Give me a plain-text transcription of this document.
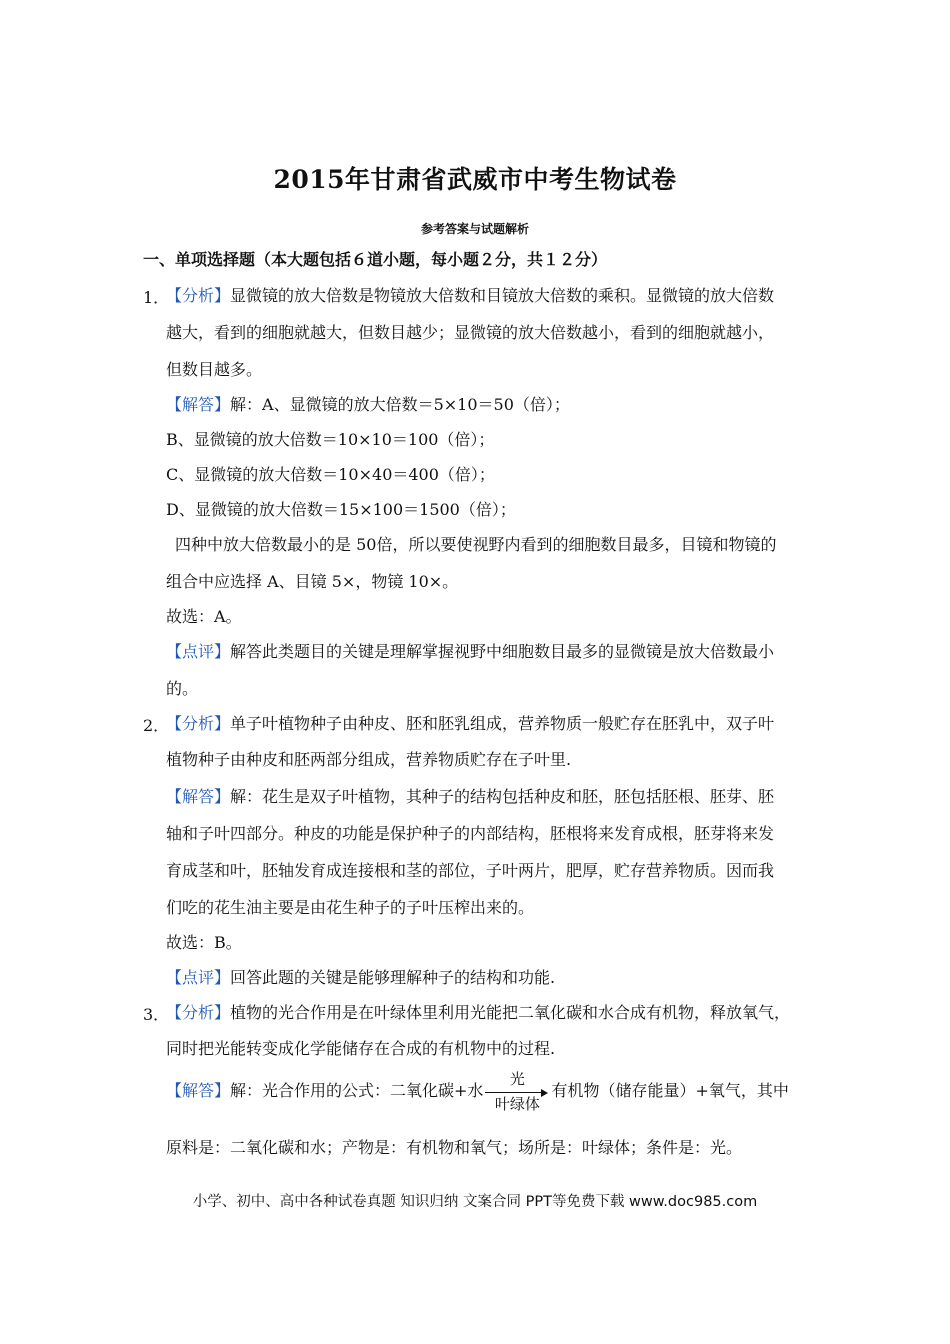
2015年甘肃省武威市中考生物试卷
参考答案与试题解析
一、单项选择题（本大题包括６道小题，每小题２分，共１２分）
1．
【分析】显微镜的放大倍数是物镜放大倍数和目镜放大倍数的乘积。显微镜的放大倍数
越大，看到的细胞就越大，但数目越少；显微镜的放大倍数越小，看到的细胞就越小，
但数目越多。
【解答】解：A、显微镜的放大倍数＝5×10＝50（倍）；
B、显微镜的放大倍数＝10×10＝100（倍）；
C、显微镜的放大倍数＝10×40＝400（倍）；
D、显微镜的放大倍数＝15×100＝1500（倍）；
四种中放大倍数最小的是 50倍，所以要使视野内看到的细胞数目最多，目镜和物镜的
组合中应选择 A、目镜 5×，物镜 10×。
故选：A。
【点评】解答此类题目的关键是理解掌握视野中细胞数目最多的显微镜是放大倍数最小
的。
2．
【分析】单子叶植物种子由种皮、胚和胚乳组成，营养物质一般贮存在胚乳中，双子叶
植物种子由种皮和胚两部分组成，营养物质贮存在子叶里.
【解答】解：花生是双子叶植物，其种子的结构包括种皮和胚，胚包括胚根、胚芽、胚
轴和子叶四部分。种皮的功能是保护种子的内部结构，胚根将来发育成根，胚芽将来发
育成茎和叶，胚轴发育成连接根和茎的部位，子叶两片，肥厚，贮存营养物质。因而我
们吃的花生油主要是由花生种子的子叶压榨出来的。
故选：B。
【点评】回答此题的关键是能够理解种子的结构和功能.
3．
【分析】植物的光合作用是在叶绿体里利用光能把二氧化碳和水合成有机物，释放氧气，
同时把光能转变成化学能储存在合成的有机物中的过程.
【解答】解：光合作用的公式：二氧化碳+水
光
叶绿体
有机物（储存能量）+氧气，其中
原料是：二氧化碳和水；产物是：有机物和氧气；场所是：叶绿体；条件是：光。
小学、初中、高中各种试卷真题 知识归纳 文案合同 PPT等免费下载 www.doc985.com
